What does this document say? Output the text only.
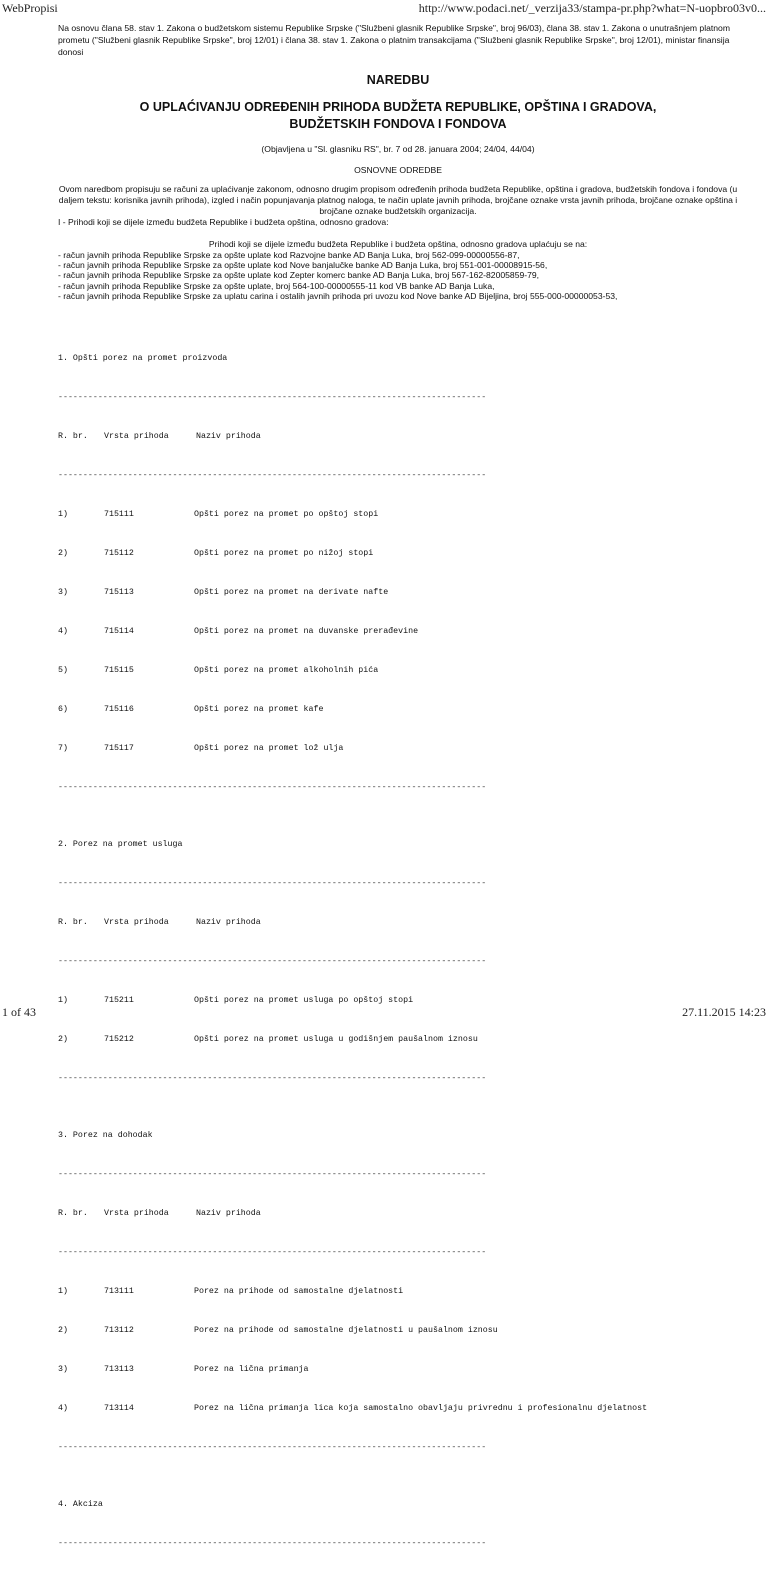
WebPropisi	http://www.podaci.net/_verzija33/stampa-pr.php?what=N-uopbro03v0...

Na osnovu člana 58. stav 1. Zakona o budžetskom sistemu Republike Srpske ("Službeni glasnik Republike Srpske", broj 96/03), člana 38. stav 1. Zakona o unutrašnjem platnom prometu ("Službeni glasnik Republike Srpske", broj 12/01) i člana 38. stav 1. Zakona o platnim transakcijama ("Službeni glasnik Republike Srpske", broj 12/01), ministar finansija donosi

NAREDBU

O UPLAĆIVANJU ODREĐENIH PRIHODA BUDŽETA REPUBLIKE, OPŠTINA I GRADOVA,
BUDŽETSKIH FONDOVA I FONDOVA

(Objavljena u "Sl. glasniku RS", br. 7 od 28. januara 2004; 24/04, 44/04)

OSNOVNE ODREDBE

Ovom naredbom propisuju se računi za uplaćivanje zakonom, odnosno drugim propisom određenih prihoda budžeta Republike, opština i gradova, budžetskih fondova i fondova (u daljem tekstu: korisnika javnih prihoda), izgled i način popunjavanja platnog naloga, te način uplate javnih prihoda, brojčane oznake vrsta javnih prihoda, brojčane oznake opština i brojčane oznake budžetskih organizacija.

I - Prihodi koji se dijele između budžeta Republike i budžeta opština, odnosno gradova:

Prihodi koji se dijele između budžeta Republike i budžeta opština, odnosno gradova uplaćuju se na:

- račun javnih prihoda Republike Srpske za opšte uplate kod Razvojne banke AD Banja Luka, broj 562-099-00000556-87,
- račun javnih prihoda Republike Srpske za opšte uplate kod Nove banjalučke banke AD Banja Luka, broj 551-001-00008915-56,
- račun javnih prihoda Republike Srpske za opšte uplate kod Zepter komerc banke AD Banja Luka, broj 567-162-82005859-79,
- račun javnih prihoda Republike Srpske za opšte uplate, broj 564-100-00000555-11 kod VB banke AD Banja Luka,
- račun javnih prihoda Republike Srpske za uplatu carina i ostalih javnih prihoda pri uvozu kod Nove banke AD Bijeljina, broj 555-000-00000053-53,

1. Opšti porez na promet proizvoda

--------------------------------------------------------------------------------------

R. br.	Vrsta prihoda	Naziv prihoda

--------------------------------------------------------------------------------------

1)	715111	Opšti porez na promet po opštoj stopi

2)	715112	Opšti porez na promet po nižoj stopi

3)	715113	Opšti porez na promet na derivate nafte

4)	715114	Opšti porez na promet na duvanske prerađevine

5)	715115	Opšti porez na promet alkoholnih pića

6)	715116	Opšti porez na promet kafe

7)	715117	Opšti porez na promet lož ulja

--------------------------------------------------------------------------------------

2. Porez na promet usluga

--------------------------------------------------------------------------------------

R. br.	Vrsta prihoda	Naziv prihoda

--------------------------------------------------------------------------------------

1)	715211	Opšti porez na promet usluga po opštoj stopi

2)	715212	Opšti porez na promet usluga u godišnjem paušalnom iznosu

--------------------------------------------------------------------------------------

3. Porez na dohodak

--------------------------------------------------------------------------------------

R. br.	Vrsta prihoda	Naziv prihoda

--------------------------------------------------------------------------------------

1)	713111	Porez na prihode od samostalne djelatnosti

2)	713112	Porez na prihode od samostalne djelatnosti u paušalnom iznosu

3)	713113	Porez na lična primanja

4)	713114	Porez na lična primanja lica koja samostalno obavljaju privrednu i profesionalnu djelatnost

--------------------------------------------------------------------------------------

4. Akciza

--------------------------------------------------------------------------------------

1 of 43	27.11.2015 14:23
